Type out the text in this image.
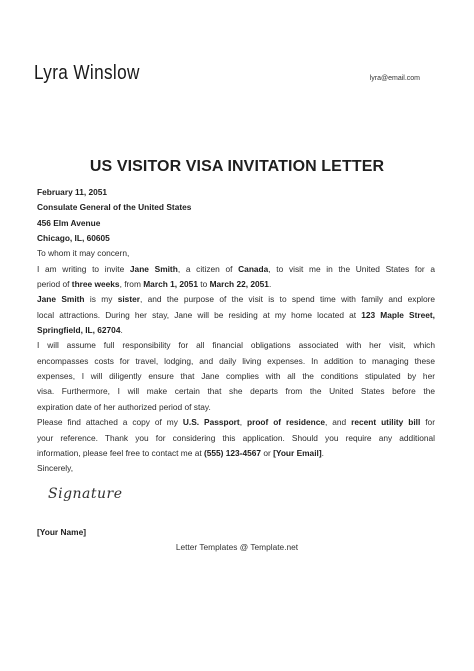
Lyra Winslow	lyra@email.com
US VISITOR VISA INVITATION LETTER
February 11, 2051
Consulate General of the United States
456 Elm Avenue
Chicago, IL, 60605
To whom it may concern,
I am writing to invite Jane Smith, a citizen of Canada, to visit me in the United States for a
period of three weeks, from March 1, 2051 to March 22, 2051.
Jane Smith is my sister, and the purpose of the visit is to spend time with family and explore
local attractions. During her stay, Jane will be residing at my home located at 123 Maple Street,
Springfield, IL, 62704.
I will assume full responsibility for all financial obligations associated with her visit, which
encompasses costs for travel, lodging, and daily living expenses. In addition to managing these
expenses, I will diligently ensure that Jane complies with all the conditions stipulated by her
visa. Furthermore, I will make certain that she departs from the United States before the
expiration date of her authorized period of stay.
Please find attached a copy of my U.S. Passport, proof of residence, and recent utility bill for
your reference. Thank you for considering this application. Should you require any additional
information, please feel free to contact me at (555) 123-4567 or [Your Email].
Sincerely,
Signature
[Your Name]
Letter Templates @ Template.net
